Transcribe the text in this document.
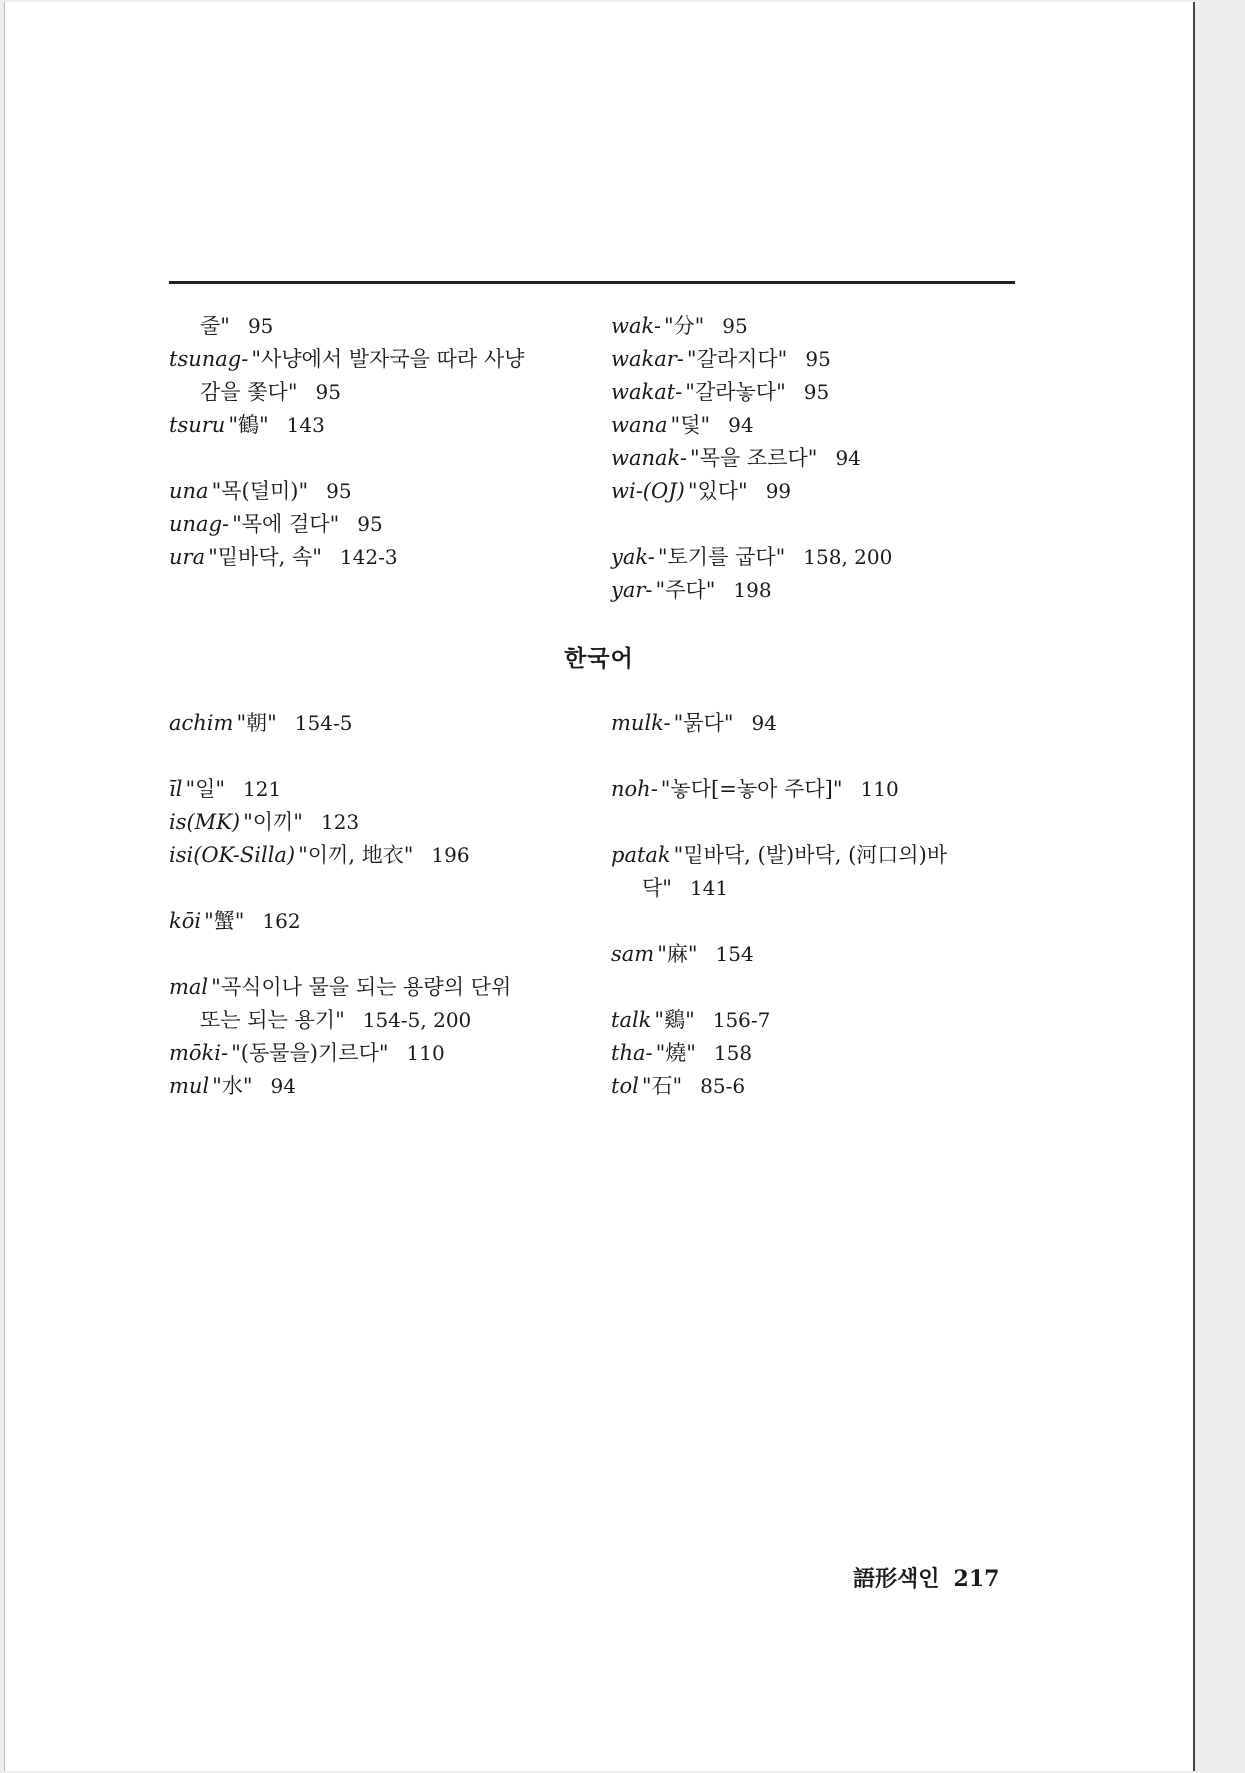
줄" 95
tsunag- "사냥에서 발자국을 따라 사냥
감을 쫓다" 95
tsuru "鶴" 143
una "목(덜미)" 95
unag- "목에 걸다" 95
ura "밑바닥, 속" 142-3
wak- "分" 95
wakar- "갈라지다" 95
wakat- "갈라놓다" 95
wana "덫" 94
wanak- "목을 조르다" 94
wi-(OJ) "있다" 99
yak- "토기를 굽다" 158, 200
yar- "주다" 198
한국어
achim "朝" 154-5
īl "일" 121
is(MK) "이끼" 123
isi(OK-Silla) "이끼, 地衣" 196
kōi "蟹" 162
mal "곡식이나 물을 되는 용량의 단위
또는 되는 용기" 154-5, 200
mōki- "(동물을)기르다" 110
mul "水" 94
mulk- "묽다" 94
noh- "놓다[=놓아 주다]" 110
patak "밑바닥, (발)바닥, (河口의)바
닥" 141
sam "麻" 154
talk "鷄" 156-7
tha- "燒" 158
tol "石" 85-6
語形색인 217
